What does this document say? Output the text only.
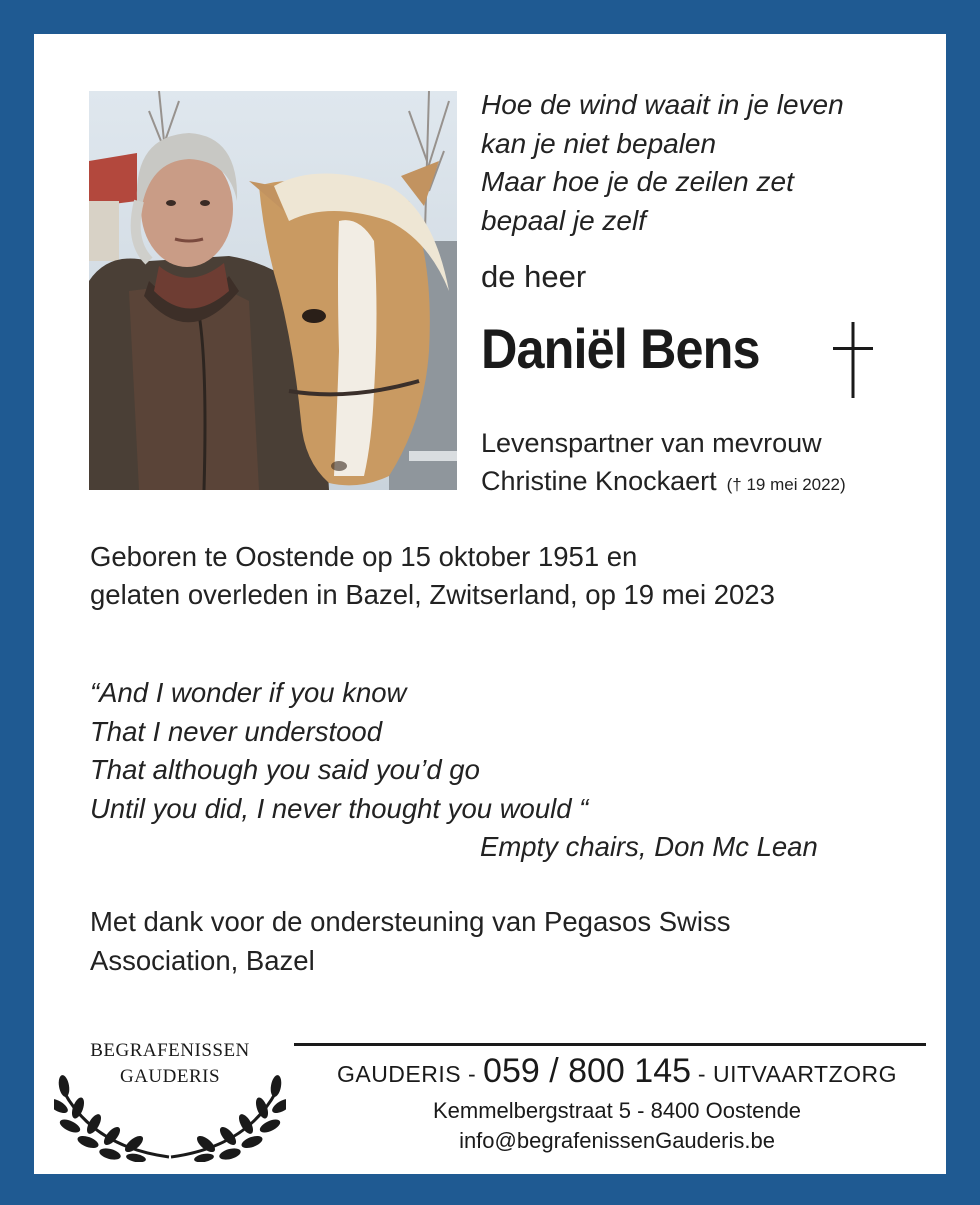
Hoe de wind waait in je leven
kan je niet bepalen
Maar hoe je de zeilen zet
bepaal je zelf
de heer
Daniël Bens
Levenspartner van mevrouw
Christine Knockaert († 19 mei 2022)
Geboren te Oostende op 15 oktober 1951 en
gelaten overleden in Bazel, Zwitserland, op 19 mei 2023
“And I wonder if you know
That I never understood
That although you said you’d go
Until you did, I never thought you would “
Empty chairs, Don Mc Lean
Met dank voor de ondersteuning van Pegasos Swiss
Association, Bazel
BEGRAFENISSEN
GAUDERIS	GAUDERIS - 059 / 800 145 - UITVAARTZORG
Kemmelbergstraat 5 - 8400 Oostende
info@begrafenissenGauderis.be
